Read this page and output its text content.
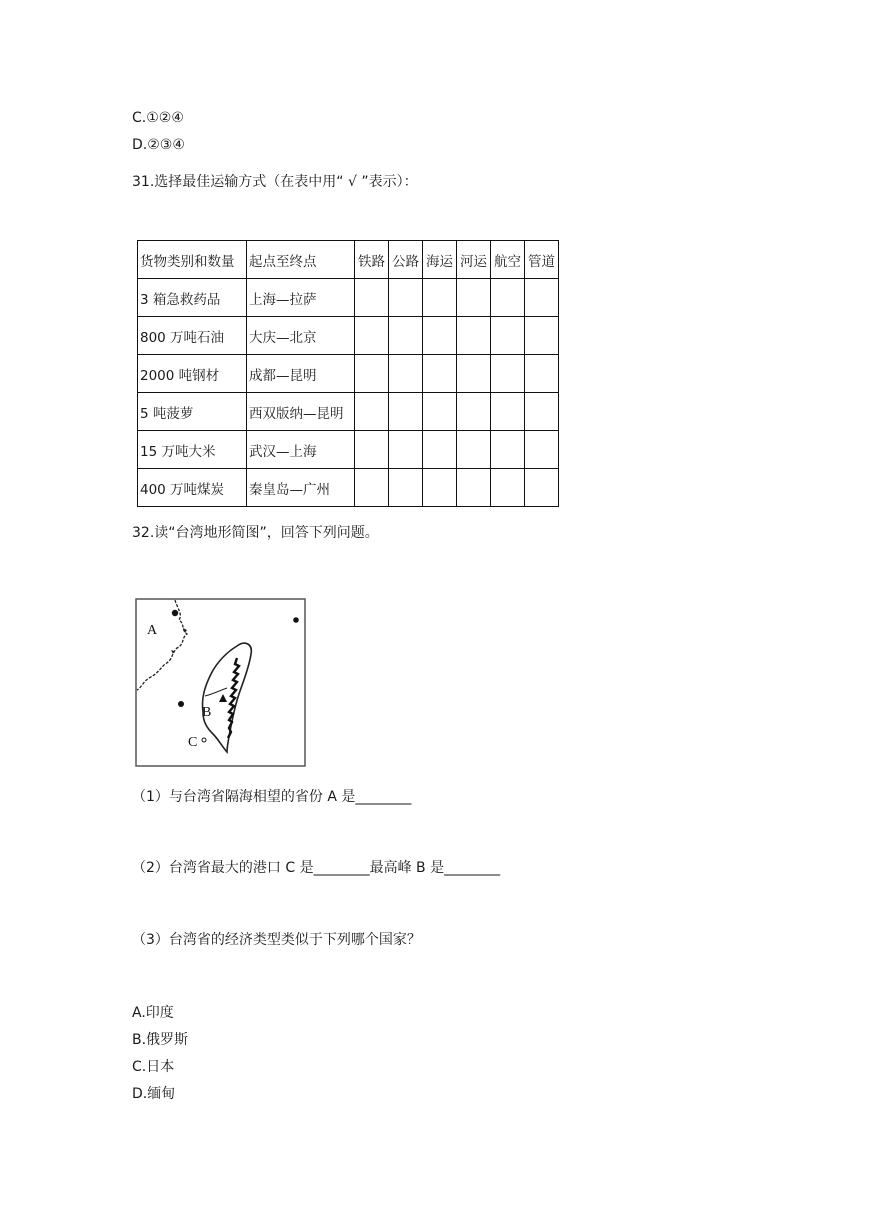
C.①②④
D.②③④
31.选择最佳运输方式（在表中用“ √ ”表示）：
货物类别和数量	起点至终点	铁路	公路	海运	河运	航空	管道
3 箱急救药品	上海—拉萨						
800 万吨石油	大庆—北京						
2000 吨钢材	成都—昆明						
5 吨菠萝	西双版纳—昆明						
15 万吨大米	武汉—上海						
400 万吨煤炭	秦皇岛—广州						
32.读“台湾地形简图”，回答下列问题。
A
B
C
（1）与台湾省隔海相望的省份 A 是________
（2）台湾省最大的港口 C 是________最高峰 B 是________
（3）台湾省的经济类型类似于下列哪个国家？
A.印度
B.俄罗斯
C.日本
D.缅甸
